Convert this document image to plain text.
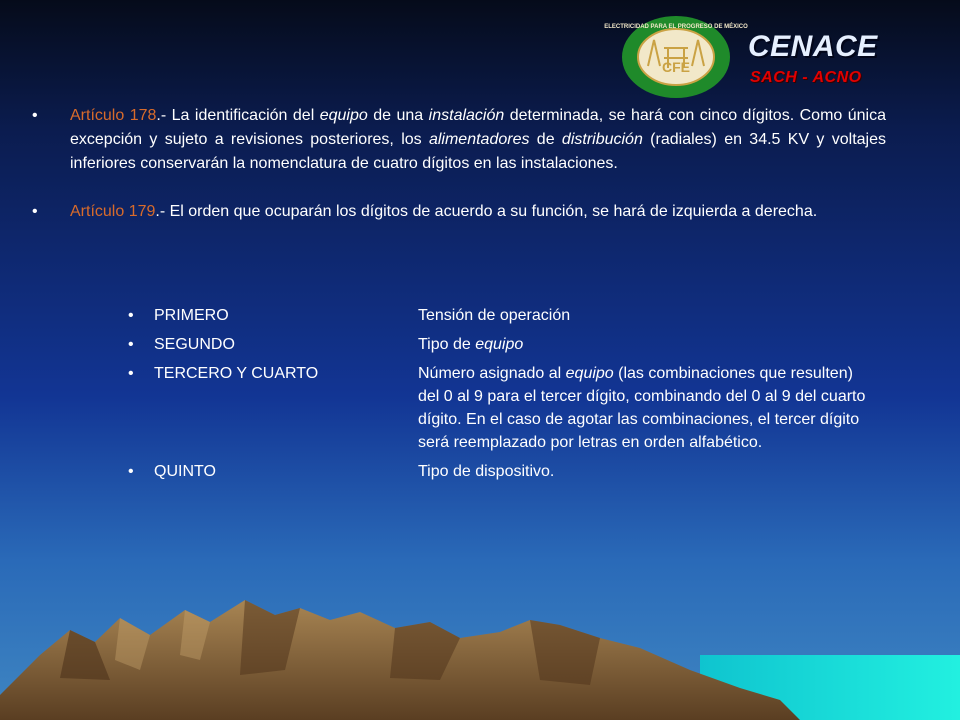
CFE
ELECTRICIDAD PARA EL PROGRESO DE MÉXICO
CENACE
SACH - ACNO
• Artículo 178.- La identificación del equipo de una instalación determinada, se hará con cinco dígitos. Como única excepción y sujeto a revisiones posteriores, los alimentadores de distribución (radiales) en 34.5 KV y voltajes inferiores conservarán la nomenclatura de cuatro dígitos en las instalaciones.
• Artículo 179.- El orden que ocuparán los dígitos de acuerdo a su función, se hará de izquierda a derecha.
• PRIMERO	Tensión de operación
• SEGUNDO	Tipo de equipo
• TERCERO Y CUARTO	Número asignado al equipo (las combinaciones que resulten) del 0 al 9 para el tercer dígito, combinando del 0 al 9 del cuarto dígito. En el caso de agotar las combinaciones, el tercer dígito será reemplazado por letras en orden alfabético.
• QUINTO	Tipo de dispositivo.
